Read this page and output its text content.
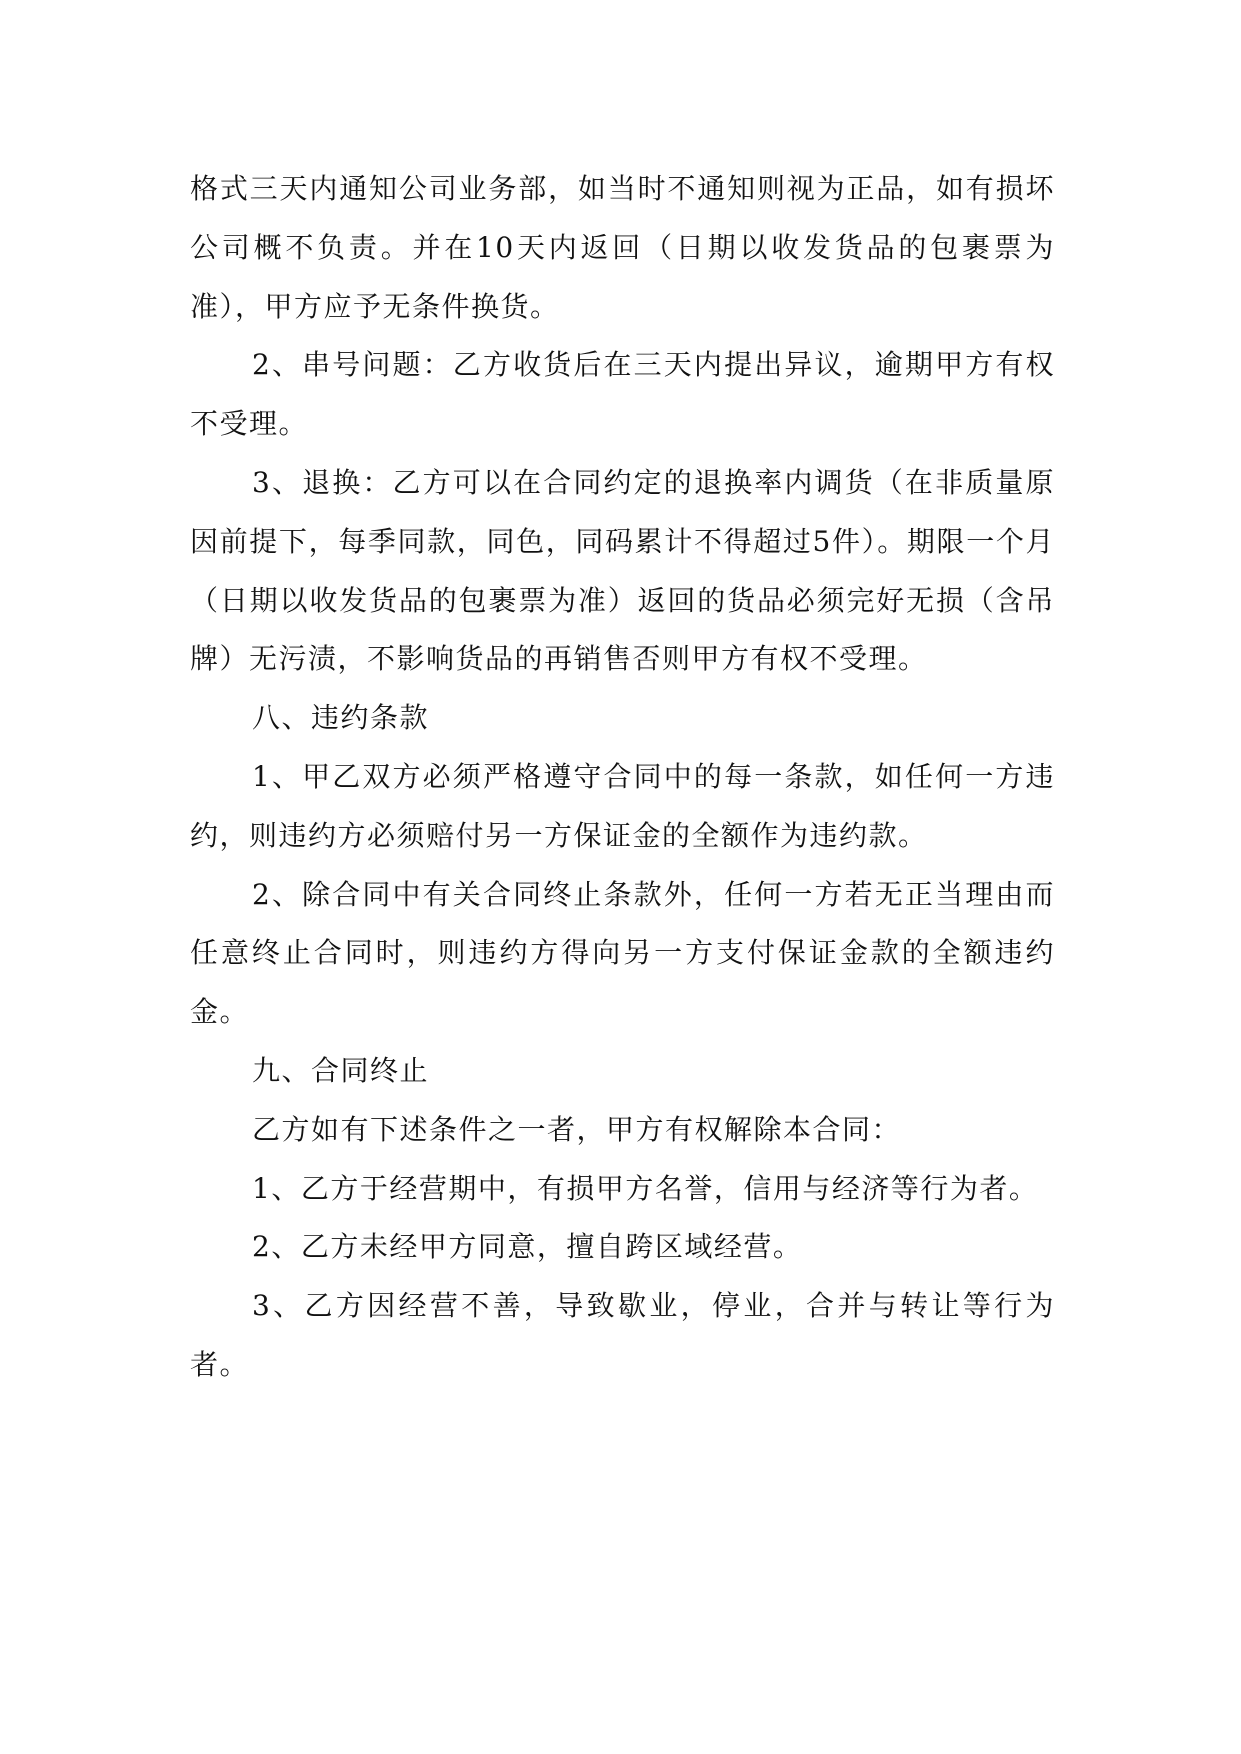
格式三天内通知公司业务部，如当时不通知则视为正品，如有损坏公司概不负责。并在10天内返回（日期以收发货品的包裹票为准），甲方应予无条件换货。

2、串号问题：乙方收货后在三天内提出异议，逾期甲方有权不受理。

3、退换：乙方可以在合同约定的退换率内调货（在非质量原因前提下，每季同款，同色，同码累计不得超过5件）。期限一个月（日期以收发货品的包裹票为准）返回的货品必须完好无损（含吊牌）无污渍，不影响货品的再销售否则甲方有权不受理。

八、违约条款

1、甲乙双方必须严格遵守合同中的每一条款，如任何一方违约，则违约方必须赔付另一方保证金的全额作为违约款。

2、除合同中有关合同终止条款外，任何一方若无正当理由而任意终止合同时，则违约方得向另一方支付保证金款的全额违约金。

九、合同终止

乙方如有下述条件之一者，甲方有权解除本合同：

1、乙方于经营期中，有损甲方名誉，信用与经济等行为者。

2、乙方未经甲方同意，擅自跨区域经营。

3、乙方因经营不善，导致歇业，停业，合并与转让等行为者。
